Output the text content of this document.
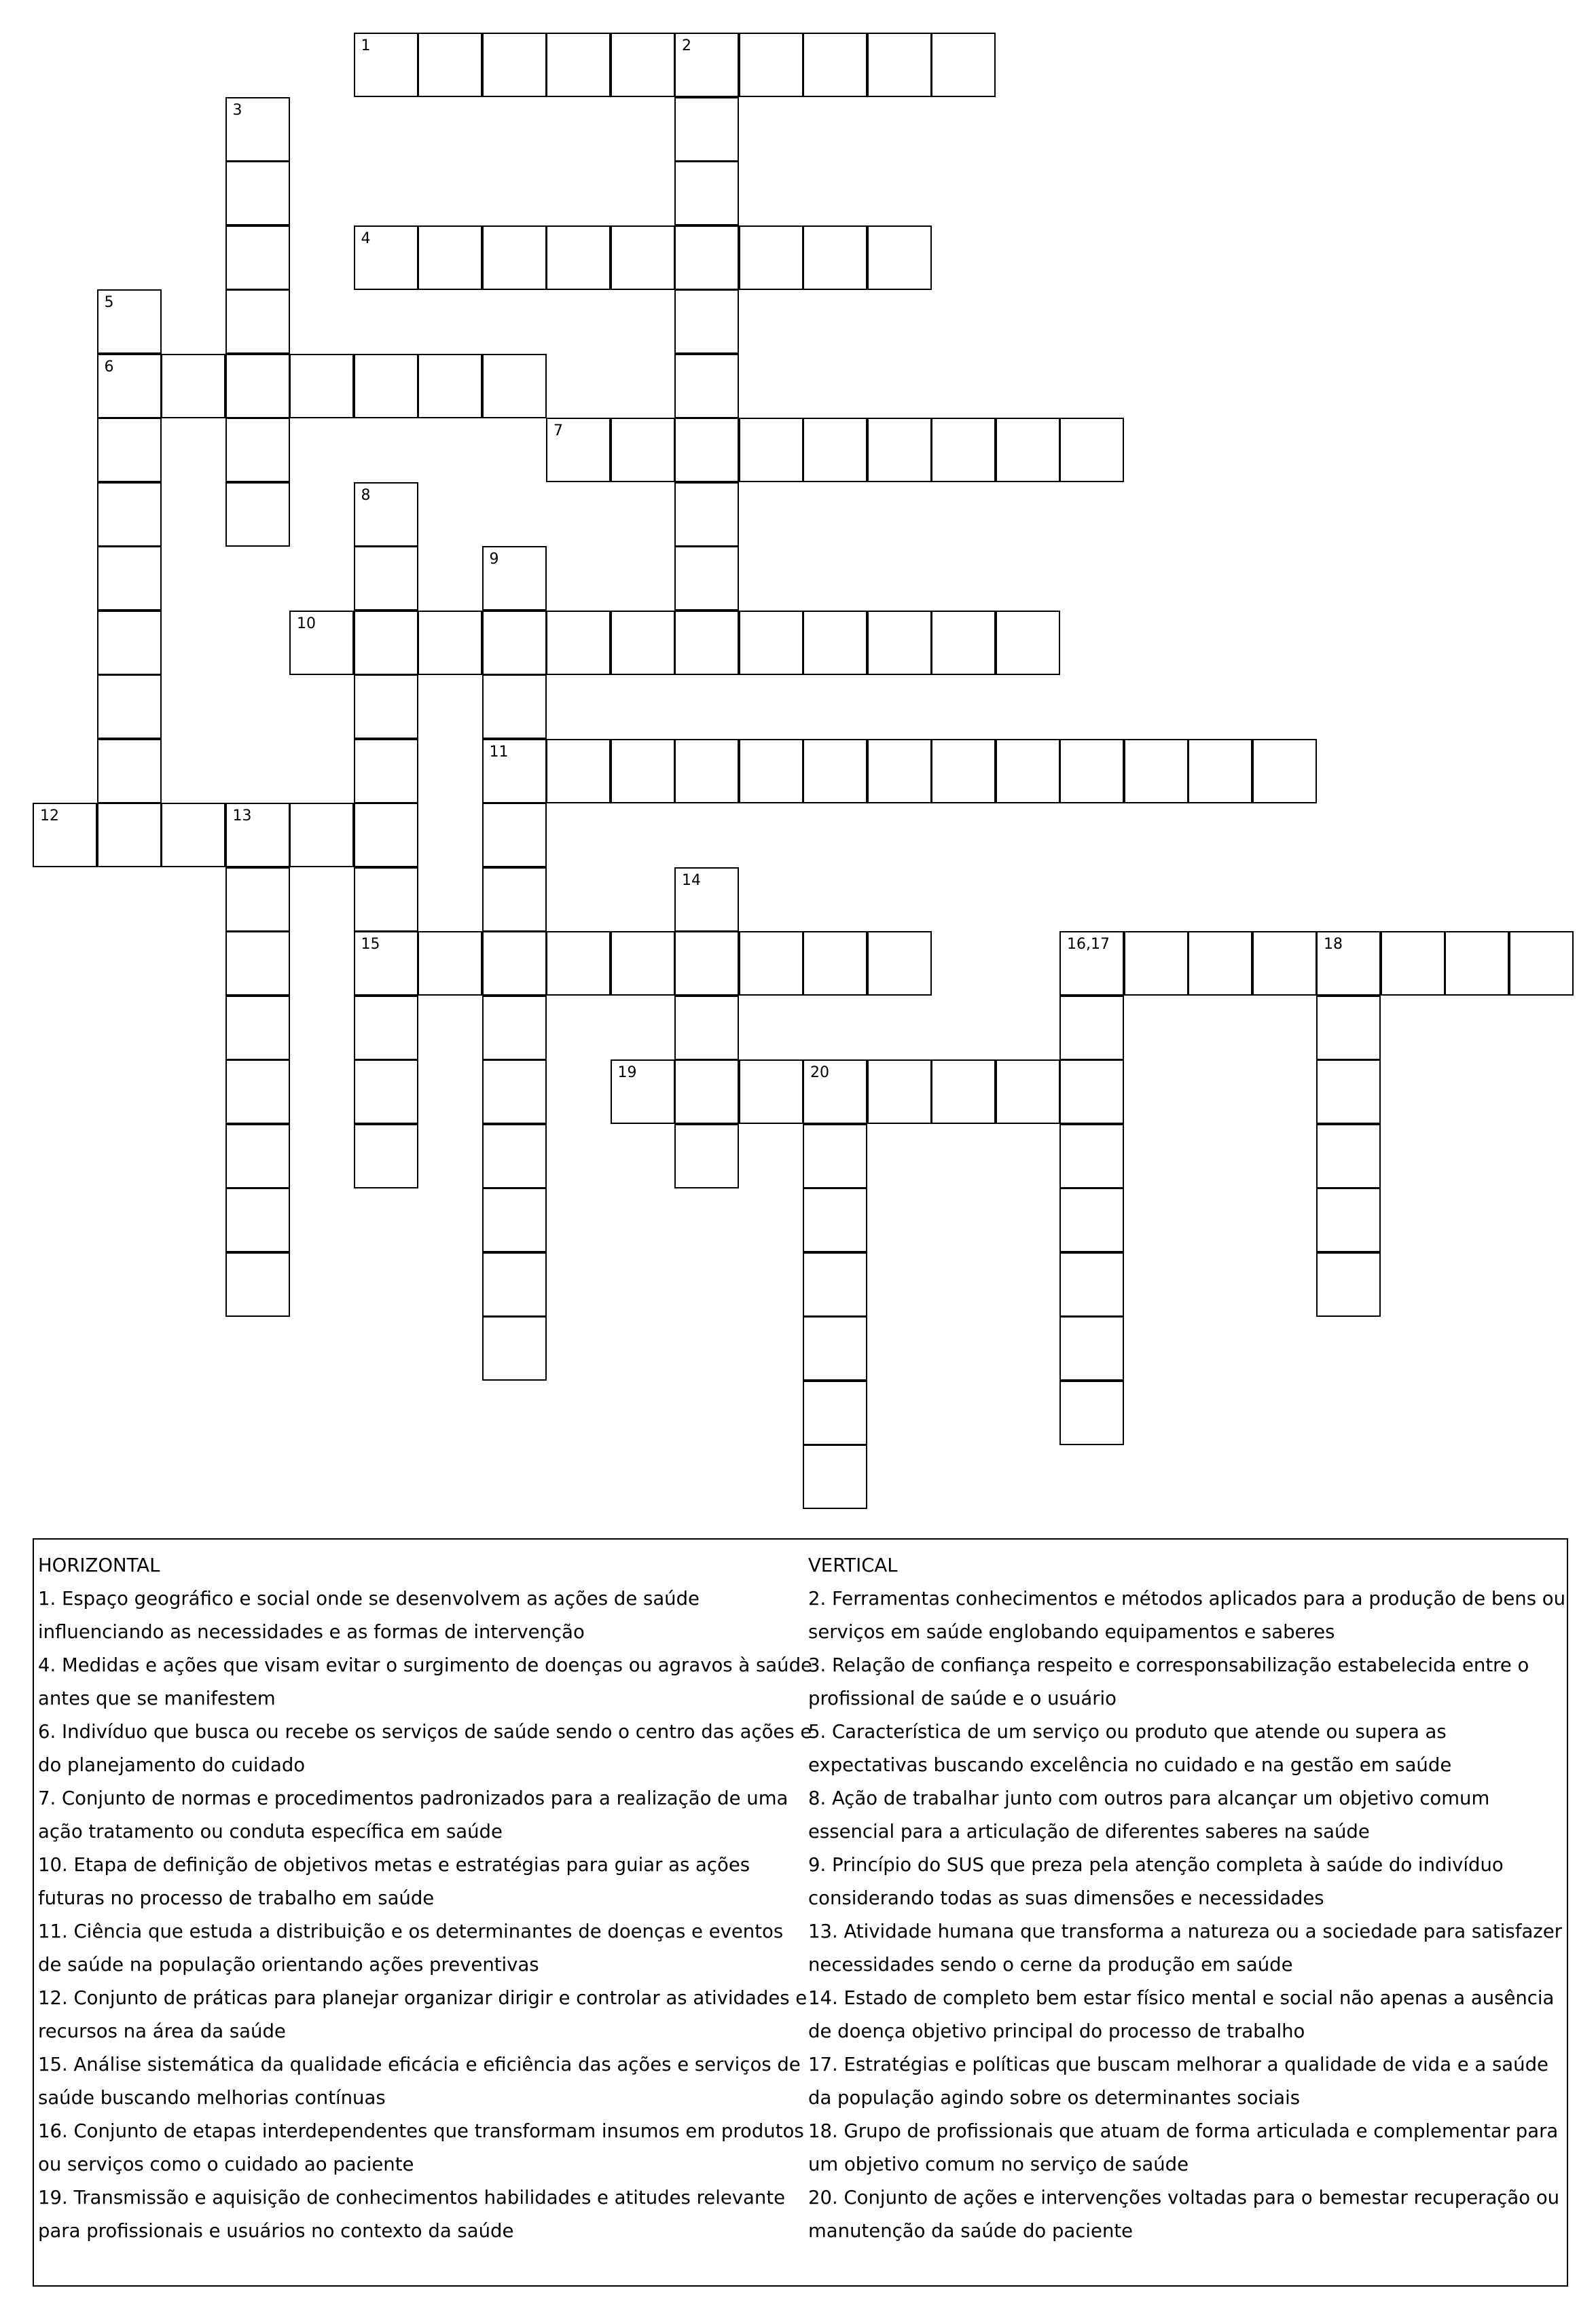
1	2
4
6
7
10
11
12	13
15	16,17	18
19	20
3
5
8
9
14

HORIZONTAL

1. Espaço geográfico e social onde se desenvolvem as ações de saúde influenciando as necessidades e as formas de intervenção

4. Medidas e ações que visam evitar o surgimento de doenças ou agravos à saúde antes que se manifestem

6. Indivíduo que busca ou recebe os serviços de saúde sendo o centro das ações e do planejamento do cuidado

7. Conjunto de normas e procedimentos padronizados para a realização de uma ação tratamento ou conduta específica em saúde

10. Etapa de definição de objetivos metas e estratégias para guiar as ações futuras no processo de trabalho em saúde

11. Ciência que estuda a distribuição e os determinantes de doenças e eventos de saúde na população orientando ações preventivas

12. Conjunto de práticas para planejar organizar dirigir e controlar as atividades e recursos na área da saúde

15. Análise sistemática da qualidade eficácia e eficiência das ações e serviços de saúde buscando melhorias contínuas

16. Conjunto de etapas interdependentes que transformam insumos em produtos ou serviços como o cuidado ao paciente

19. Transmissão e aquisição de conhecimentos habilidades e atitudes relevante para profissionais e usuários no contexto da saúde

VERTICAL

2. Ferramentas conhecimentos e métodos aplicados para a produção de bens ou serviços em saúde englobando equipamentos e saberes

3. Relação de confiança respeito e corresponsabilização estabelecida entre o profissional de saúde e o usuário

5. Característica de um serviço ou produto que atende ou supera as expectativas buscando excelência no cuidado e na gestão em saúde

8. Ação de trabalhar junto com outros para alcançar um objetivo comum essencial para a articulação de diferentes saberes na saúde

9. Princípio do SUS que preza pela atenção completa à saúde do indivíduo considerando todas as suas dimensões e necessidades

13. Atividade humana que transforma a natureza ou a sociedade para satisfazer necessidades sendo o cerne da produção em saúde

14. Estado de completo bem estar físico mental e social não apenas a ausência de doença objetivo principal do processo de trabalho

17. Estratégias e políticas que buscam melhorar a qualidade de vida e a saúde da população agindo sobre os determinantes sociais

18. Grupo de profissionais que atuam de forma articulada e complementar para um objetivo comum no serviço de saúde

20. Conjunto de ações e intervenções voltadas para o bemestar recuperação ou manutenção da saúde do paciente
